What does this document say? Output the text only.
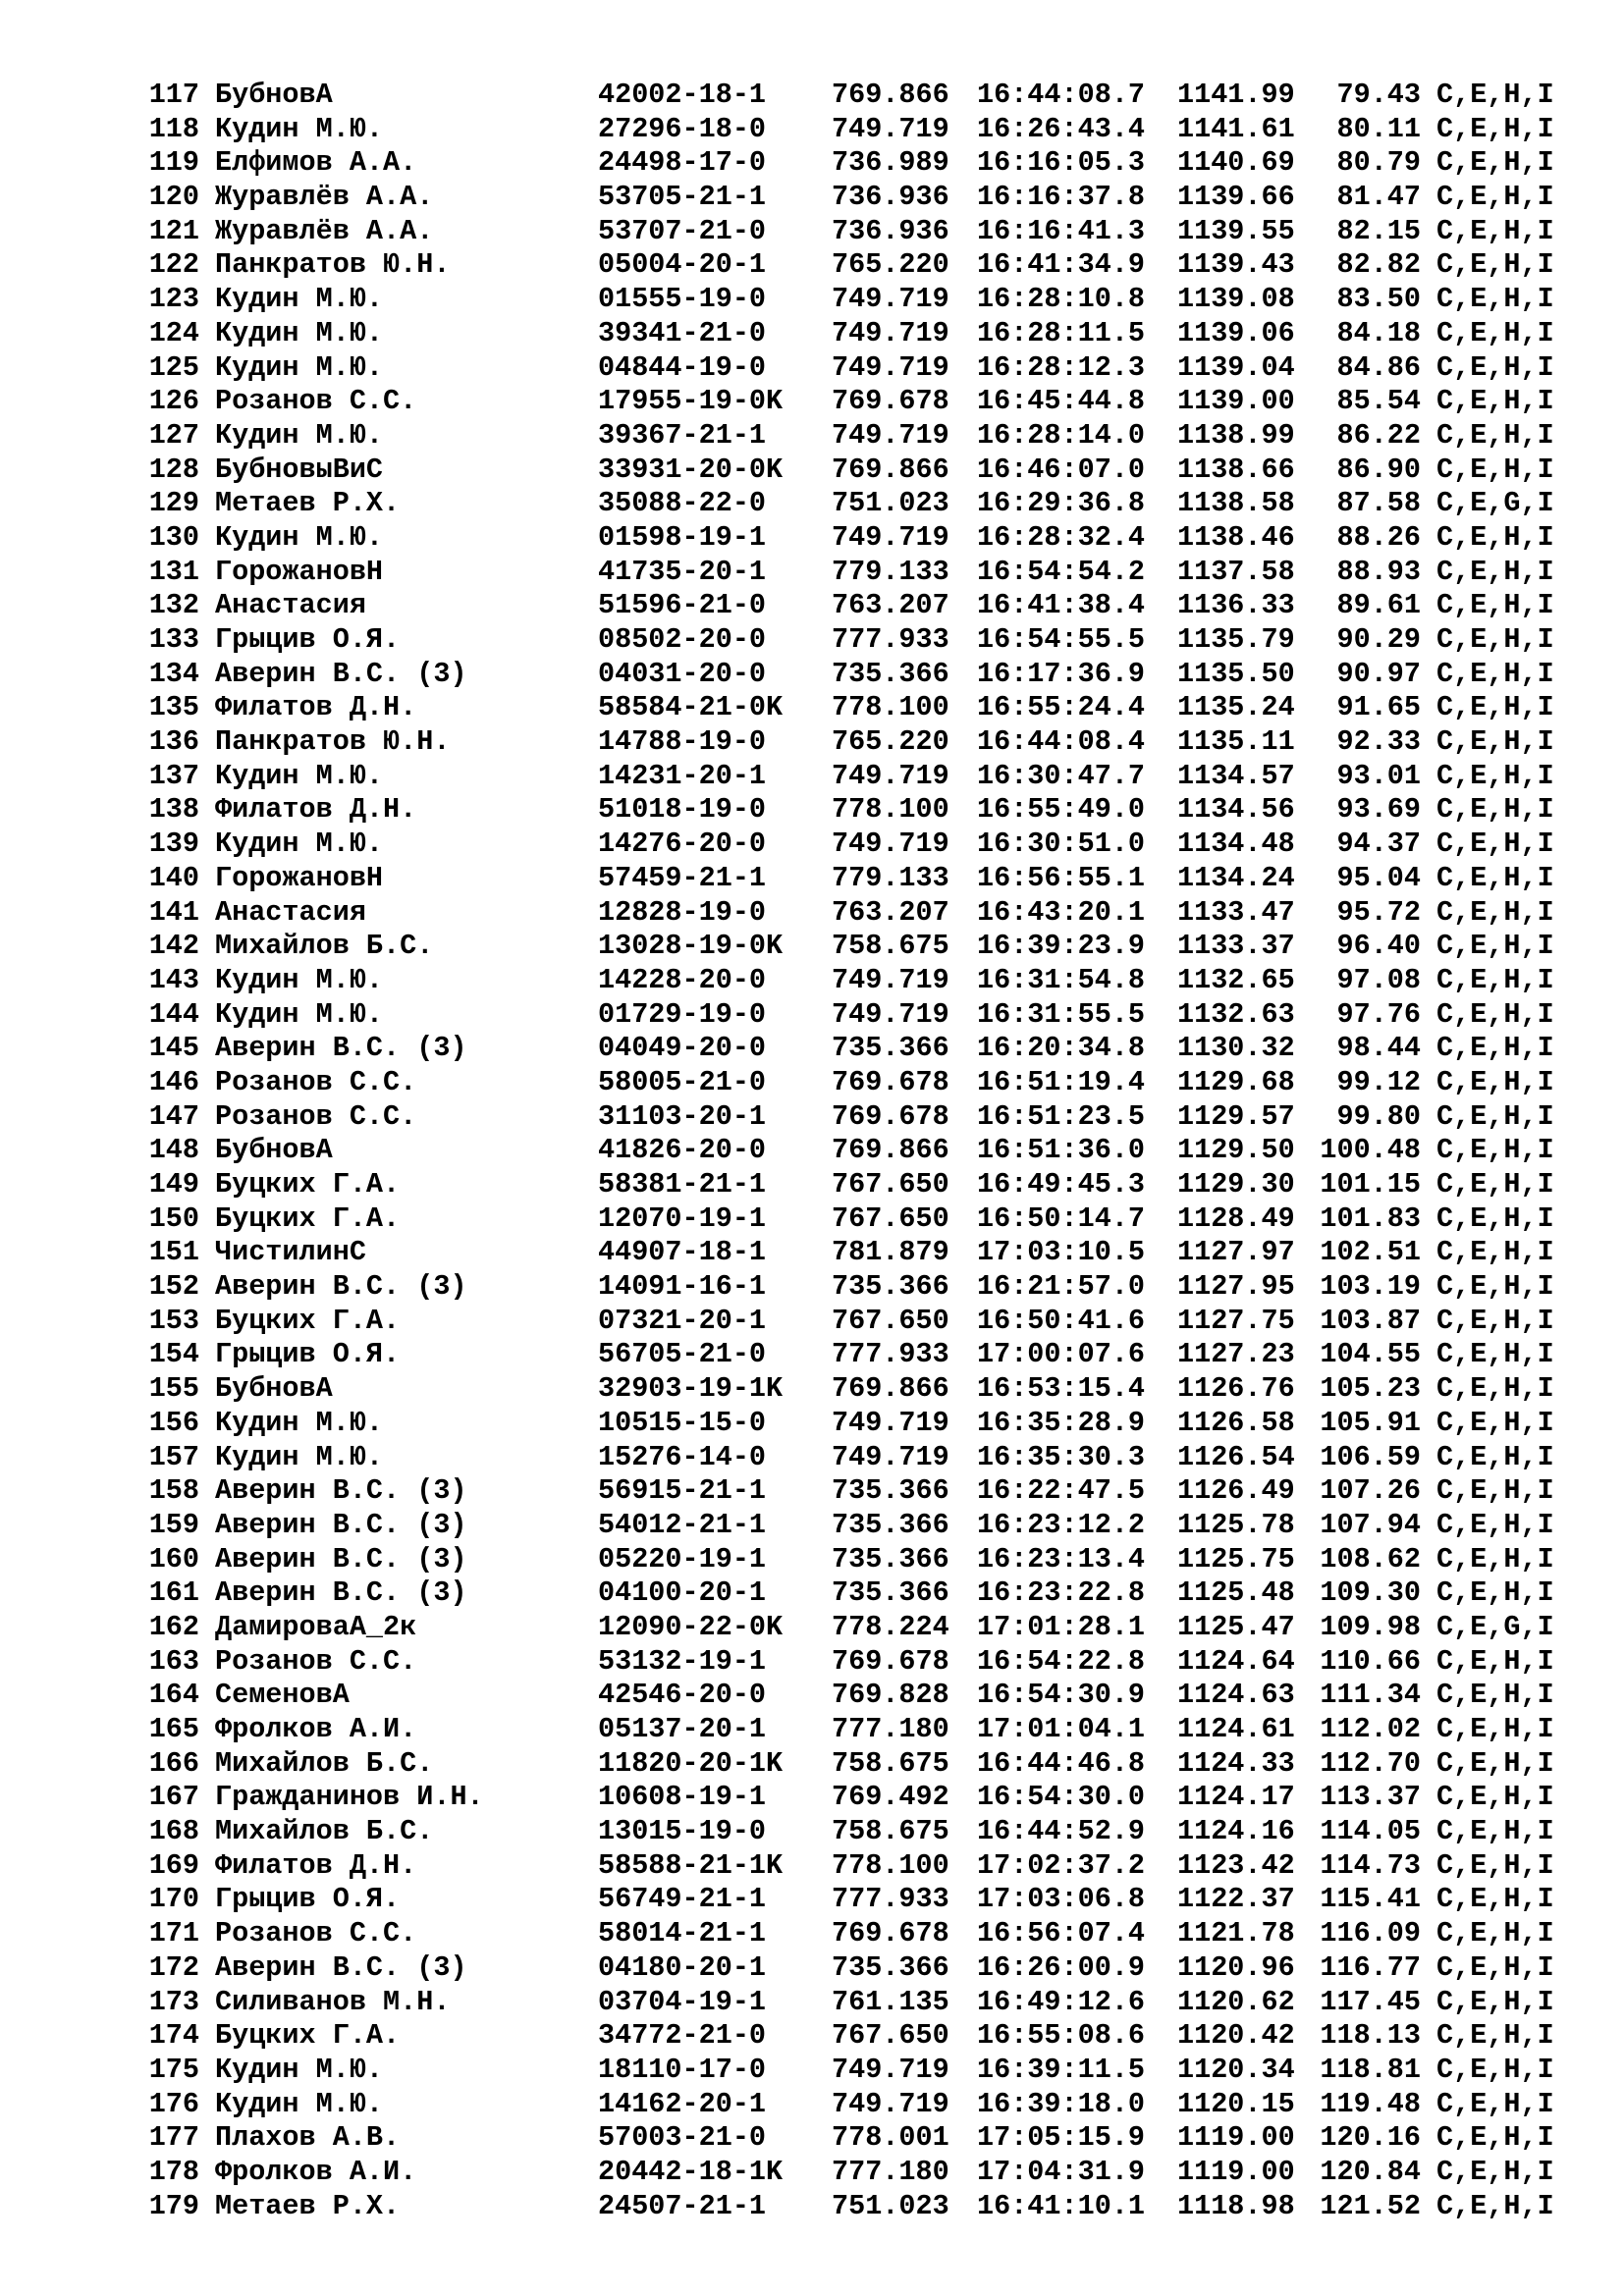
117 БубновА	42002-18-1 769.866 16:44:08.7 1141.99	79.43 C,E,H,I
118 Кудин М.Ю.	27296-18-0 749.719 16:26:43.4 1141.61	80.11 C,E,H,I
119 Елфимов А.А.	24498-17-0 736.989 16:16:05.3 1140.69	80.79 C,E,H,I
120 Журавлёв А.А.	53705-21-1 736.936 16:16:37.8 1139.66	81.47 C,E,H,I
121 Журавлёв А.А.	53707-21-0 736.936 16:16:41.3 1139.55	82.15 C,E,H,I
122 Панкратов Ю.Н.	05004-20-1 765.220 16:41:34.9 1139.43	82.82 C,E,H,I
123 Кудин М.Ю.	01555-19-0 749.719 16:28:10.8 1139.08	83.50 C,E,H,I
124 Кудин М.Ю.	39341-21-0 749.719 16:28:11.5 1139.06	84.18 C,E,H,I
125 Кудин М.Ю.	04844-19-0 749.719 16:28:12.3 1139.04	84.86 C,E,H,I
126 Розанов С.С.	17955-19-0K 769.678 16:45:44.8 1139.00	85.54 C,E,H,I
127 Кудин М.Ю.	39367-21-1 749.719 16:28:14.0 1138.99	86.22 C,E,H,I
128 БубновыВиС	33931-20-0K 769.866 16:46:07.0 1138.66	86.90 C,E,H,I
129 Метаев Р.Х.	35088-22-0 751.023 16:29:36.8 1138.58	87.58 C,E,G,I
130 Кудин М.Ю.	01598-19-1 749.719 16:28:32.4 1138.46	88.26 C,E,H,I
131 ГорожановН	41735-20-1 779.133 16:54:54.2 1137.58	88.93 C,E,H,I
132 Анастасия	51596-21-0 763.207 16:41:38.4 1136.33	89.61 C,E,H,I
133 Грыцив О.Я.	08502-20-0 777.933 16:54:55.5 1135.79	90.29 C,E,H,I
134 Аверин В.С. (3)	04031-20-0 735.366 16:17:36.9 1135.50	90.97 C,E,H,I
135 Филатов Д.Н.	58584-21-0K 778.100 16:55:24.4 1135.24	91.65 C,E,H,I
136 Панкратов Ю.Н.	14788-19-0 765.220 16:44:08.4 1135.11	92.33 C,E,H,I
137 Кудин М.Ю.	14231-20-1 749.719 16:30:47.7 1134.57	93.01 C,E,H,I
138 Филатов Д.Н.	51018-19-0 778.100 16:55:49.0 1134.56	93.69 C,E,H,I
139 Кудин М.Ю.	14276-20-0 749.719 16:30:51.0 1134.48	94.37 C,E,H,I
140 ГорожановН	57459-21-1 779.133 16:56:55.1 1134.24	95.04 C,E,H,I
141 Анастасия	12828-19-0 763.207 16:43:20.1 1133.47	95.72 C,E,H,I
142 Михайлов Б.С.	13028-19-0K 758.675 16:39:23.9 1133.37	96.40 C,E,H,I
143 Кудин М.Ю.	14228-20-0 749.719 16:31:54.8 1132.65	97.08 C,E,H,I
144 Кудин М.Ю.	01729-19-0 749.719 16:31:55.5 1132.63	97.76 C,E,H,I
145 Аверин В.С. (3)	04049-20-0 735.366 16:20:34.8 1130.32	98.44 C,E,H,I
146 Розанов С.С.	58005-21-0 769.678 16:51:19.4 1129.68	99.12 C,E,H,I
147 Розанов С.С.	31103-20-1 769.678 16:51:23.5 1129.57	99.80 C,E,H,I
148 БубновА	41826-20-0 769.866 16:51:36.0 1129.50 100.48 C,E,H,I
149 Буцких Г.А.	58381-21-1 767.650 16:49:45.3 1129.30 101.15 C,E,H,I
150 Буцких Г.А.	12070-19-1 767.650 16:50:14.7 1128.49 101.83 C,E,H,I
151 ЧистилинС	44907-18-1 781.879 17:03:10.5 1127.97 102.51 C,E,H,I
152 Аверин В.С. (3)	14091-16-1 735.366 16:21:57.0 1127.95 103.19 C,E,H,I
153 Буцких Г.А.	07321-20-1 767.650 16:50:41.6 1127.75 103.87 C,E,H,I
154 Грыцив О.Я.	56705-21-0 777.933 17:00:07.6 1127.23 104.55 C,E,H,I
155 БубновА	32903-19-1K 769.866 16:53:15.4 1126.76 105.23 C,E,H,I
156 Кудин М.Ю.	10515-15-0 749.719 16:35:28.9 1126.58 105.91 C,E,H,I
157 Кудин М.Ю.	15276-14-0 749.719 16:35:30.3 1126.54 106.59 C,E,H,I
158 Аверин В.С. (3)	56915-21-1 735.366 16:22:47.5 1126.49 107.26 C,E,H,I
159 Аверин В.С. (3)	54012-21-1 735.366 16:23:12.2 1125.78 107.94 C,E,H,I
160 Аверин В.С. (3)	05220-19-1 735.366 16:23:13.4 1125.75 108.62 C,E,H,I
161 Аверин В.С. (3)	04100-20-1 735.366 16:23:22.8 1125.48 109.30 C,E,H,I
162 ДамироваА_2к	12090-22-0K 778.224 17:01:28.1 1125.47 109.98 C,E,G,I
163 Розанов С.С.	53132-19-1 769.678 16:54:22.8 1124.64 110.66 C,E,H,I
164 СеменовА	42546-20-0 769.828 16:54:30.9 1124.63 111.34 C,E,H,I
165 Фролков А.И.	05137-20-1 777.180 17:01:04.1 1124.61 112.02 C,E,H,I
166 Михайлов Б.С.	11820-20-1K 758.675 16:44:46.8 1124.33 112.70 C,E,H,I
167 Гражданинов И.Н.	10608-19-1 769.492 16:54:30.0 1124.17 113.37 C,E,H,I
168 Михайлов Б.С.	13015-19-0 758.675 16:44:52.9 1124.16 114.05 C,E,H,I
169 Филатов Д.Н.	58588-21-1K 778.100 17:02:37.2 1123.42 114.73 C,E,H,I
170 Грыцив О.Я.	56749-21-1 777.933 17:03:06.8 1122.37 115.41 C,E,H,I
171 Розанов С.С.	58014-21-1 769.678 16:56:07.4 1121.78 116.09 C,E,H,I
172 Аверин В.С. (3)	04180-20-1 735.366 16:26:00.9 1120.96 116.77 C,E,H,I
173 Силиванов М.Н.	03704-19-1 761.135 16:49:12.6 1120.62 117.45 C,E,H,I
174 Буцких Г.А.	34772-21-0 767.650 16:55:08.6 1120.42 118.13 C,E,H,I
175 Кудин М.Ю.	18110-17-0 749.719 16:39:11.5 1120.34 118.81 C,E,H,I
176 Кудин М.Ю.	14162-20-1 749.719 16:39:18.0 1120.15 119.48 C,E,H,I
177 Плахов А.В.	57003-21-0 778.001 17:05:15.9 1119.00 120.16 C,E,H,I
178 Фролков А.И.	20442-18-1K 777.180 17:04:31.9 1119.00 120.84 C,E,H,I
179 Метаев Р.Х.	24507-21-1 751.023 16:41:10.1 1118.98 121.52 C,E,H,I
